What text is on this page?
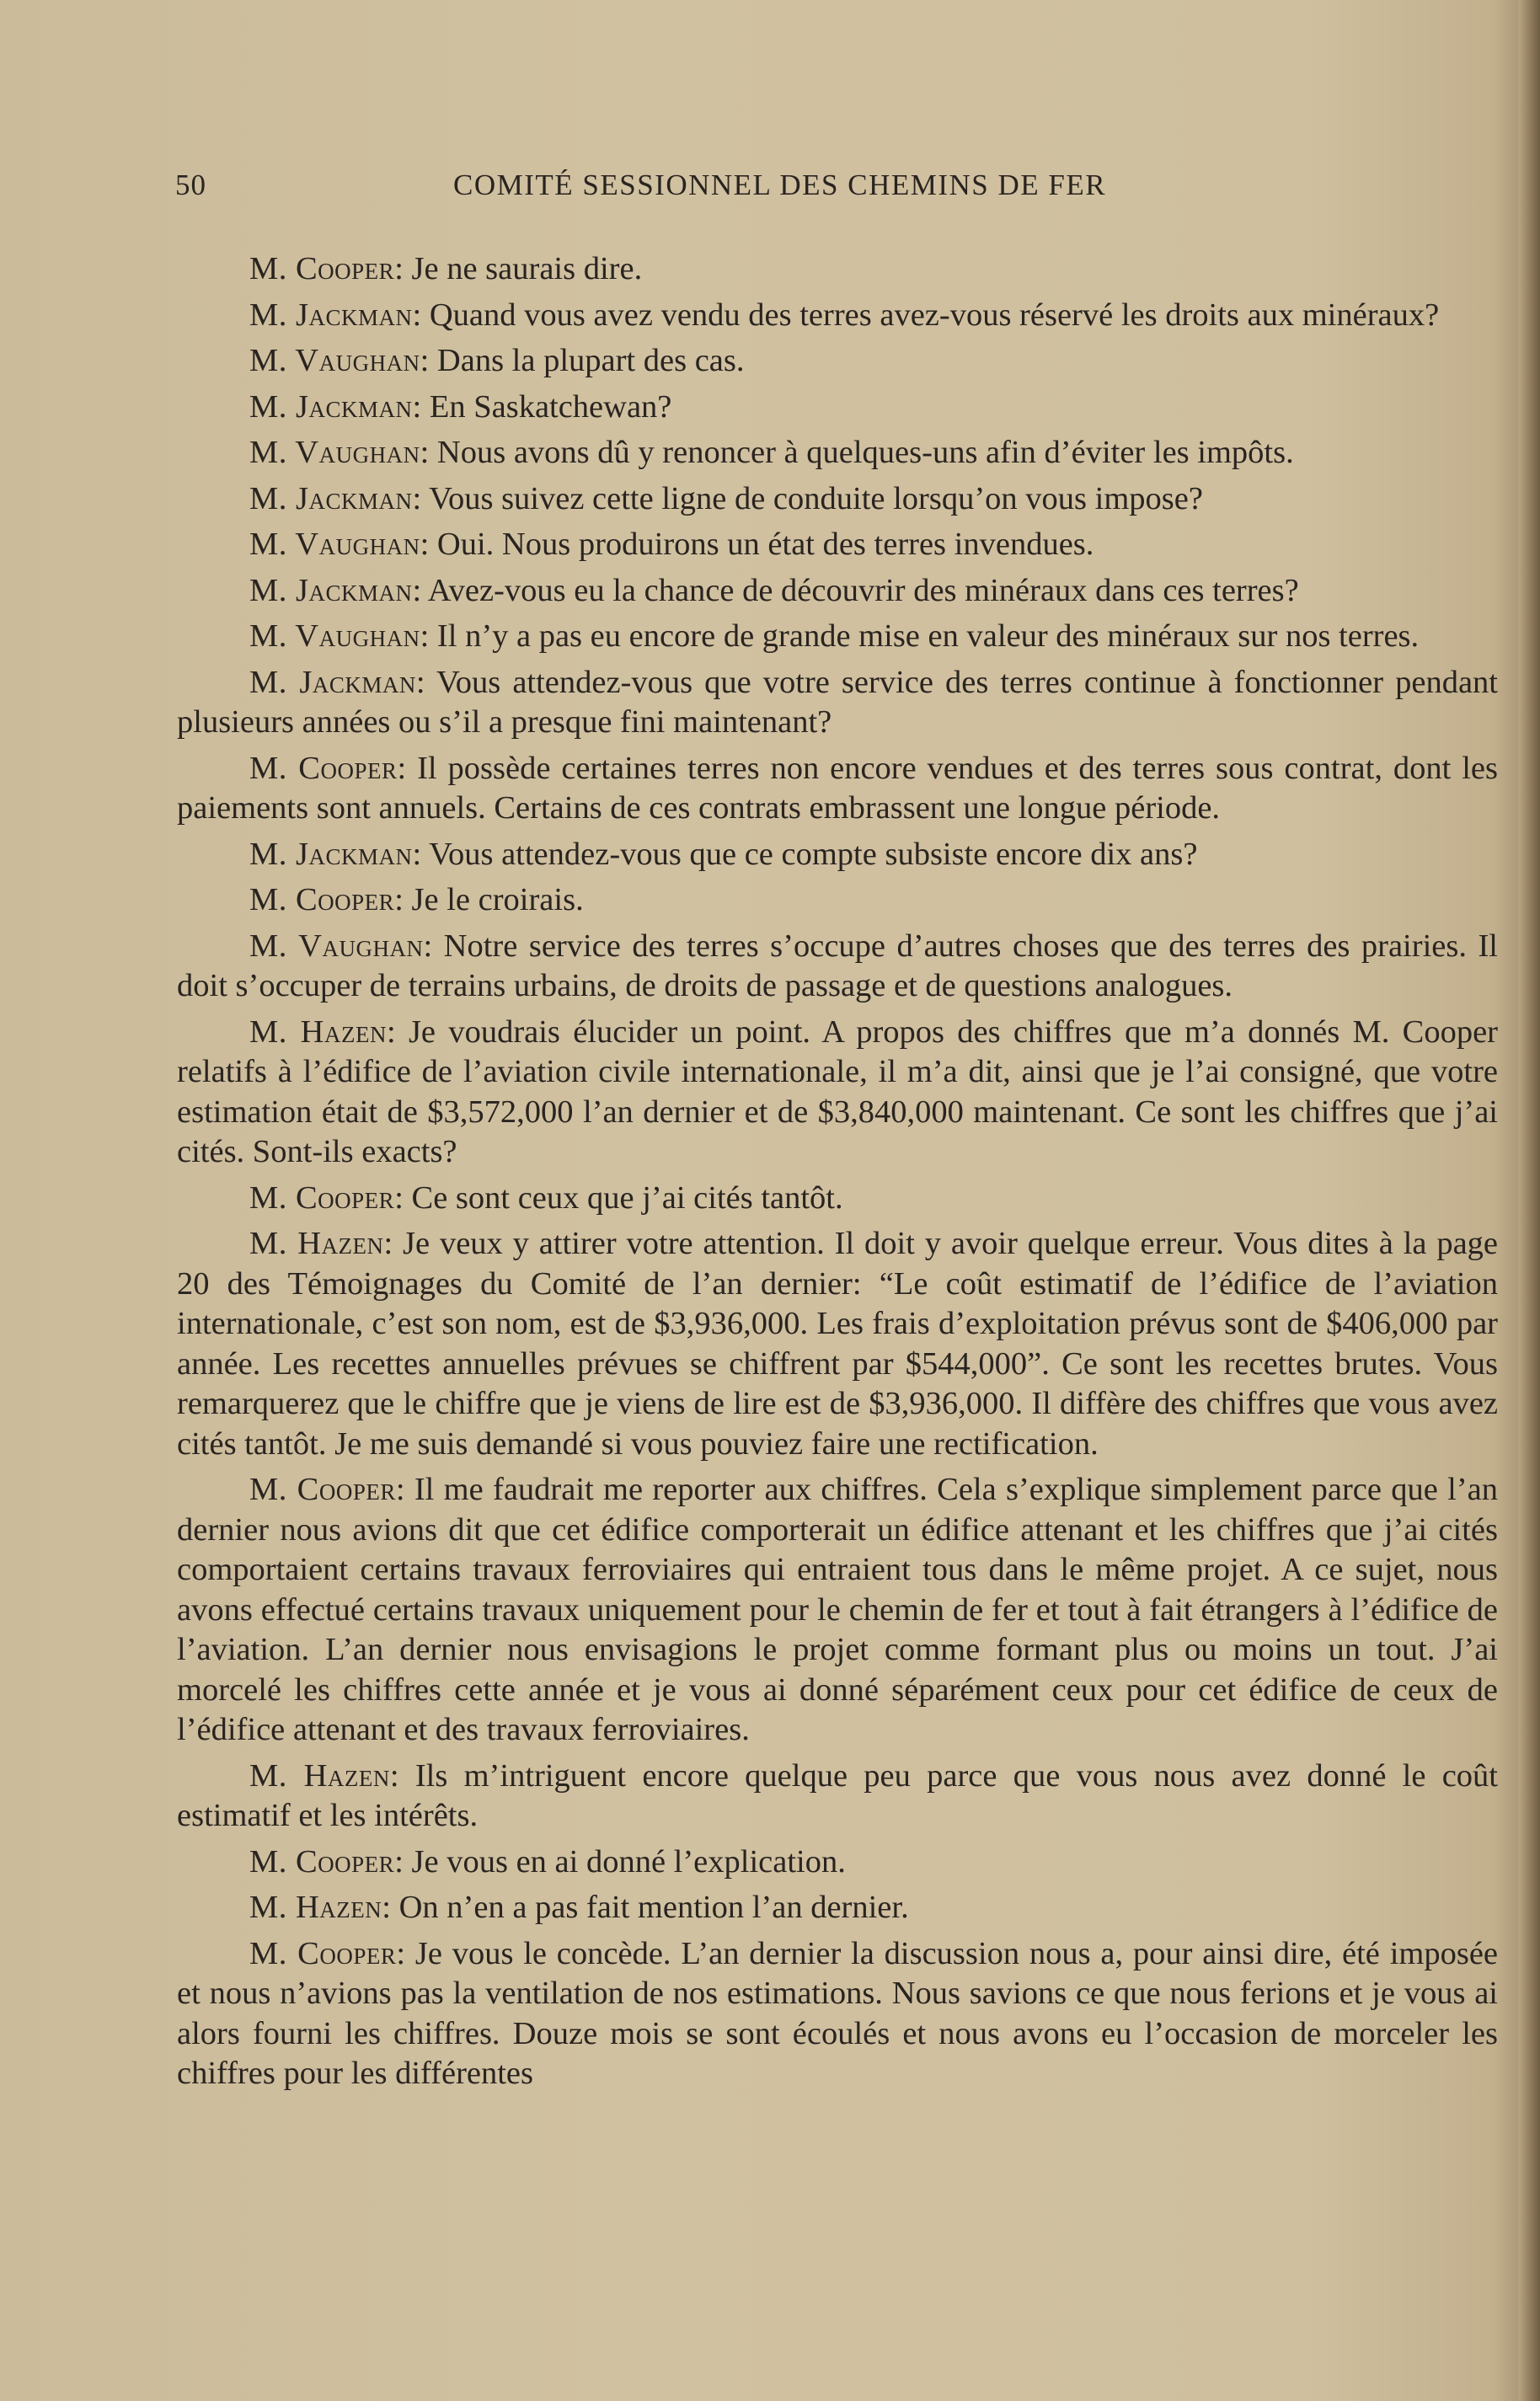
50	COMITÉ SESSIONNEL DES CHEMINS DE FER

M. Cooper: Je ne saurais dire.

M. Jackman: Quand vous avez vendu des terres avez-vous réservé les droits aux minéraux?

M. Vaughan: Dans la plupart des cas.

M. Jackman: En Saskatchewan?

M. Vaughan: Nous avons dû y renoncer à quelques-uns afin d’éviter les impôts.

M. Jackman: Vous suivez cette ligne de conduite lorsqu’on vous impose?

M. Vaughan: Oui. Nous produirons un état des terres invendues.

M. Jackman: Avez-vous eu la chance de découvrir des minéraux dans ces terres?

M. Vaughan: Il n’y a pas eu encore de grande mise en valeur des minéraux sur nos terres.

M. Jackman: Vous attendez-vous que votre service des terres continue à fonctionner pendant plusieurs années ou s’il a presque fini maintenant?

M. Cooper: Il possède certaines terres non encore vendues et des terres sous contrat, dont les paiements sont annuels. Certains de ces contrats embrassent une longue période.

M. Jackman: Vous attendez-vous que ce compte subsiste encore dix ans?

M. Cooper: Je le croirais.

M. Vaughan: Notre service des terres s’occupe d’autres choses que des terres des prairies. Il doit s’occuper de terrains urbains, de droits de passage et de questions analogues.

M. Hazen: Je voudrais élucider un point. A propos des chiffres que m’a donnés M. Cooper relatifs à l’édifice de l’aviation civile internationale, il m’a dit, ainsi que je l’ai consigné, que votre estimation était de $3,572,000 l’an dernier et de $3,840,000 maintenant. Ce sont les chiffres que j’ai cités. Sont-ils exacts?

M. Cooper: Ce sont ceux que j’ai cités tantôt.

M. Hazen: Je veux y attirer votre attention. Il doit y avoir quelque erreur. Vous dites à la page 20 des Témoignages du Comité de l’an dernier: “Le coût estimatif de l’édifice de l’aviation internationale, c’est son nom, est de $3,936,000. Les frais d’exploitation prévus sont de $406,000 par année. Les recettes annuelles prévues se chiffrent par $544,000”. Ce sont les recettes brutes. Vous remarquerez que le chiffre que je viens de lire est de $3,936,000. Il diffère des chiffres que vous avez cités tantôt. Je me suis demandé si vous pouviez faire une rectification.

M. Cooper: Il me faudrait me reporter aux chiffres. Cela s’explique simplement parce que l’an dernier nous avions dit que cet édifice comporterait un édifice attenant et les chiffres que j’ai cités comportaient certains travaux ferroviaires qui entraient tous dans le même projet. A ce sujet, nous avons effectué certains travaux uniquement pour le chemin de fer et tout à fait étrangers à l’édifice de l’aviation. L’an dernier nous envisagions le projet comme formant plus ou moins un tout. J’ai morcelé les chiffres cette année et je vous ai donné séparément ceux pour cet édifice de ceux de l’édifice attenant et des travaux ferroviaires.

M. Hazen: Ils m’intriguent encore quelque peu parce que vous nous avez donné le coût estimatif et les intérêts.

M. Cooper: Je vous en ai donné l’explication.

M. Hazen: On n’en a pas fait mention l’an dernier.

M. Cooper: Je vous le concède. L’an dernier la discussion nous a, pour ainsi dire, été imposée et nous n’avions pas la ventilation de nos estimations. Nous savions ce que nous ferions et je vous ai alors fourni les chiffres. Douze mois se sont écoulés et nous avons eu l’occasion de morceler les chiffres pour les différentes
